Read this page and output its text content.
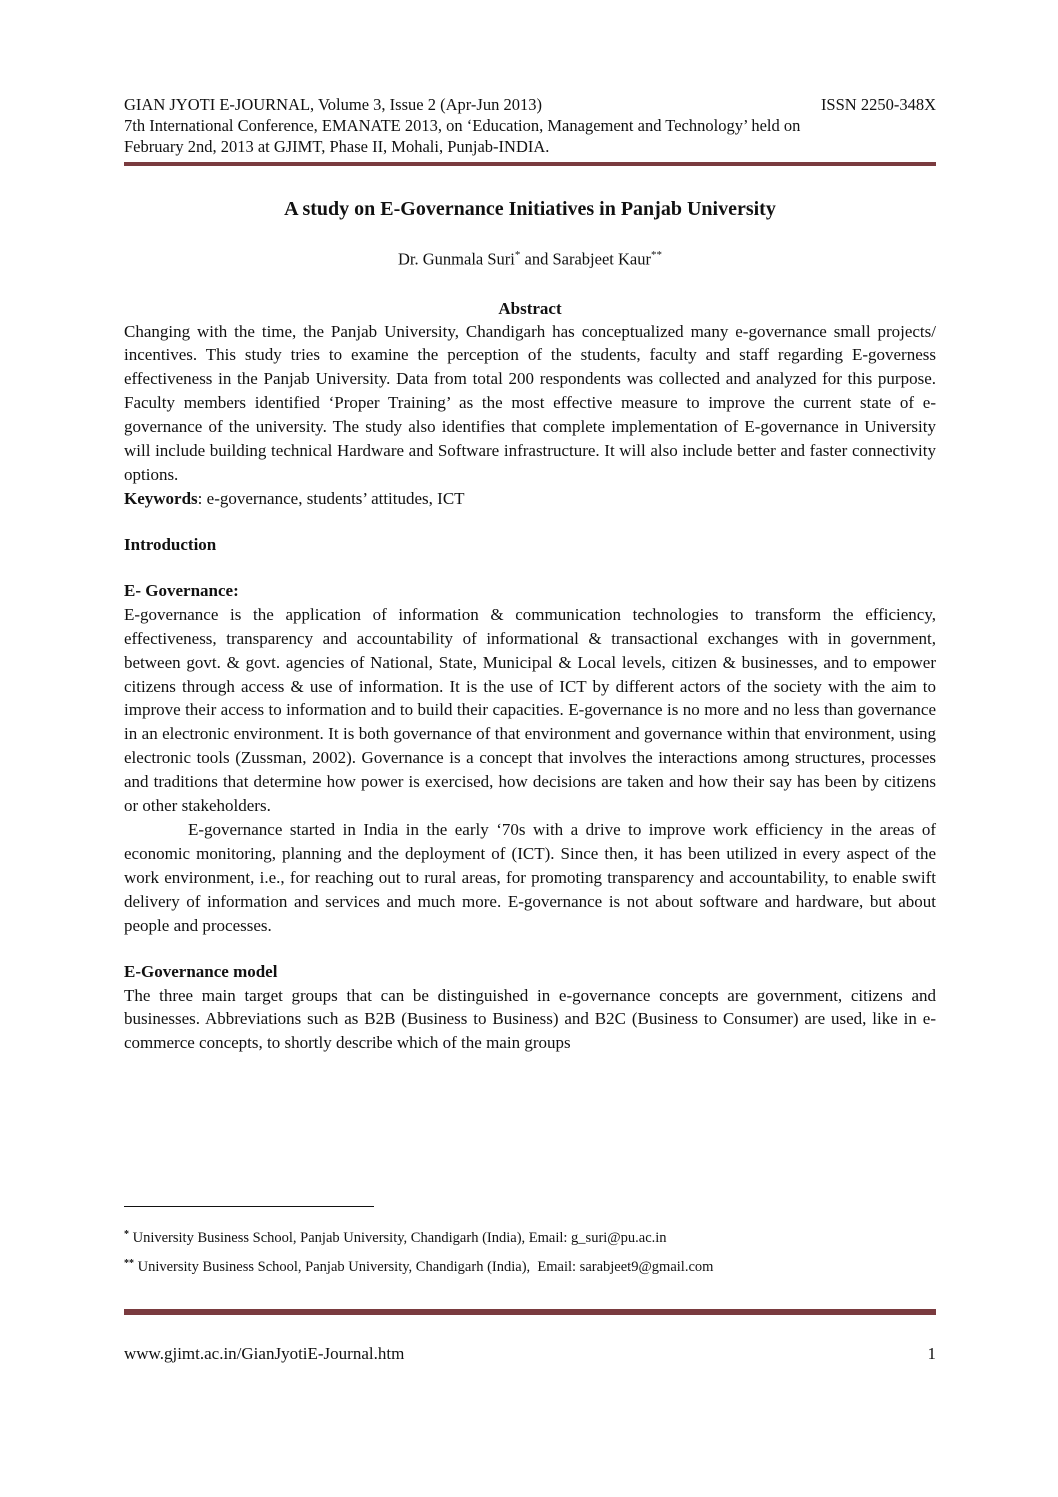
GIAN JYOTI E-JOURNAL, Volume 3, Issue 2 (Apr-Jun 2013)	ISSN 2250-348X
7th International Conference, EMANATE 2013, on ‘Education, Management and Technology’ held on
February 2nd, 2013 at GJIMT, Phase II, Mohali, Punjab-INDIA.
A study on E-Governance Initiatives in Panjab University
Dr. Gunmala Suri* and Sarabjeet Kaur**
Abstract

Changing with the time, the Panjab University, Chandigarh has conceptualized many e-governance small projects/ incentives. This study tries to examine the perception of the students, faculty and staff regarding E-governess effectiveness in the Panjab University. Data from total 200 respondents was collected and analyzed for this purpose. Faculty members identified ‘Proper Training’ as the most effective measure to improve the current state of e-governance of the university. The study also identifies that complete implementation of E-governance in University will include building technical Hardware and Software infrastructure. It will also include better and faster connectivity options.

Keywords: e-governance, students’ attitudes, ICT
Introduction
E- Governance:

E-governance is the application of information & communication technologies to transform the efficiency, effectiveness, transparency and accountability of informational & transactional exchanges with in government, between govt. & govt. agencies of National, State, Municipal & Local levels, citizen & businesses, and to empower citizens through access & use of information. It is the use of ICT by different actors of the society with the aim to improve their access to information and to build their capacities. E-governance is no more and no less than governance in an electronic environment. It is both governance of that environment and governance within that environment, using electronic tools (Zussman, 2002). Governance is a concept that involves the interactions among structures, processes and traditions that determine how power is exercised, how decisions are taken and how their say has been by citizens or other stakeholders.

E-governance started in India in the early ‘70s with a drive to improve work efficiency in the areas of economic monitoring, planning and the deployment of (ICT). Since then, it has been utilized in every aspect of the work environment, i.e., for reaching out to rural areas, for promoting transparency and accountability, to enable swift delivery of information and services and much more. E-governance is not about software and hardware, but about people and processes.

E-Governance model

The three main target groups that can be distinguished in e-governance concepts are government, citizens and businesses. Abbreviations such as B2B (Business to Business) and B2C (Business to Consumer) are used, like in e-commerce concepts, to shortly describe which of the main groups

* University Business School, Panjab University, Chandigarh (India), Email: g_suri@pu.ac.in
** University Business School, Panjab University, Chandigarh (India),  Email: sarabjeet9@gmail.com
www.gjimt.ac.in/GianJyotiE-Journal.htm	1
